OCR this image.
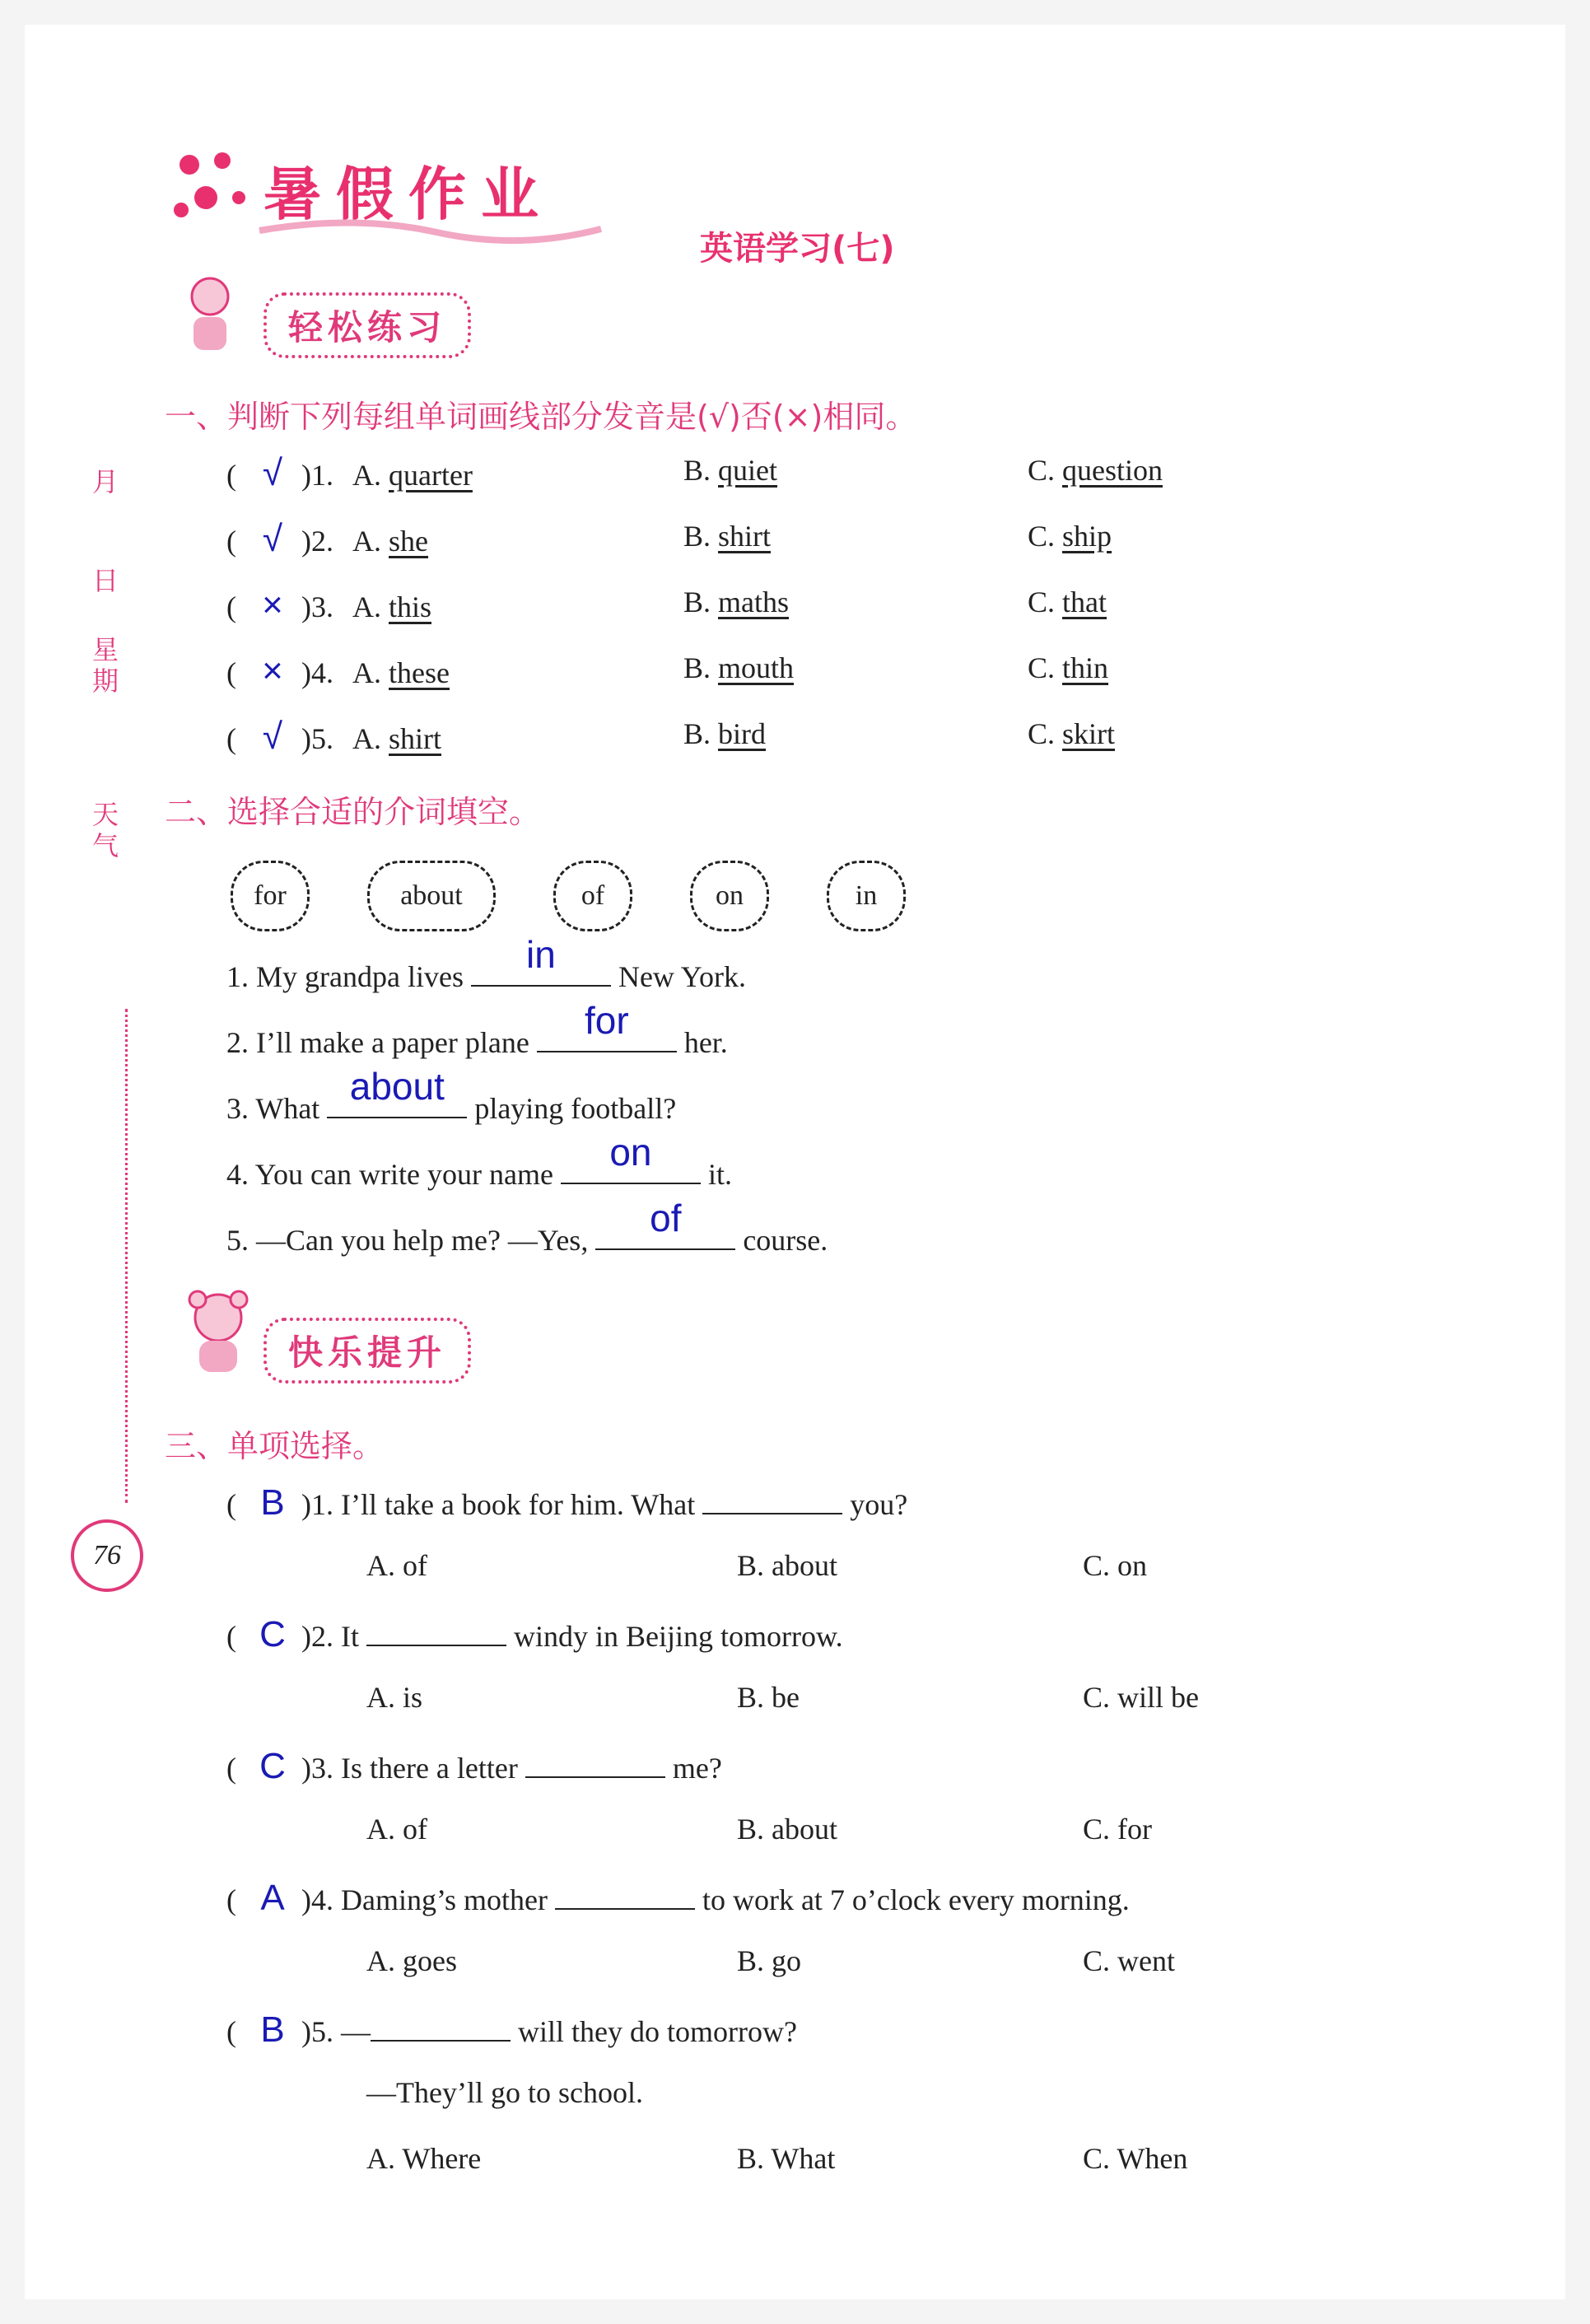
暑假作业
英语学习(七)
轻松练习
月
日
星期
天气
76
一、判断下列每组单词画线部分发音是(√)否(×)相同。
( √ )1. A. quarter	B. quiet	C. question
( √ )2. A. she	B. shirt	C. ship
( × )3. A. this	B. maths	C. that
( × )4. A. these	B. mouth	C. thin
( √ )5. A. shirt	B. bird	C. skirt
二、选择合适的介词填空。
for	about	of	on	in
1. My grandpa lives
in
New York.
2. I’ll make a paper plane
for
her.
3. What
about
playing football?
4. You can write your name
on
it.
5. —Can you help me? —Yes,
of
course.
快乐提升
三、单项选择。
( B )1. I’ll take a book for him. What	you?
A. of	B. about	C. on
( C )2. It	windy in Beijing tomorrow.
A. is	B. be	C. will be
( C )3. Is there a letter	me?
A. of	B. about	C. for
( A )4. Daming’s mother	to work at 7 o’clock every morning.
A. goes	B. go	C. went
( B )5. —	will they do tomorrow?
—They’ll go to school.
A. Where	B. What	C. When
